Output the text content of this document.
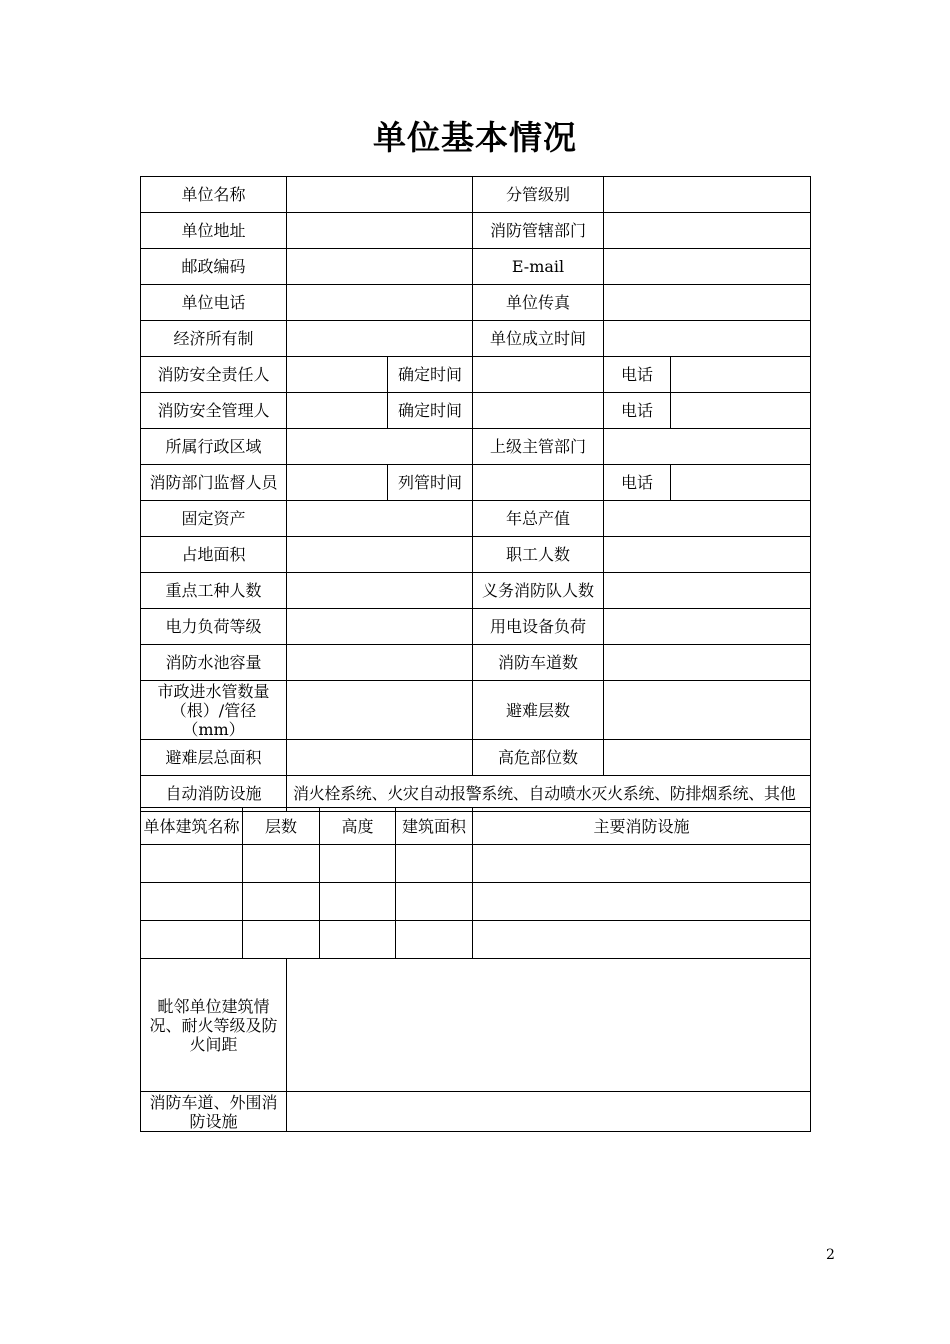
单位基本情况
单位名称			分管级别		
单位地址			消防管辖部门		
邮政编码			E-mail		
单位电话			单位传真		
经济所有制			单位成立时间		
消防安全责任人		确定时间		电话	
消防安全管理人		确定时间		电话	
所属行政区域			上级主管部门		
消防部门监督人员		列管时间		电话	
固定资产			年总产值		
占地面积			职工人数		
重点工种人数			义务消防队人数		
电力负荷等级			用电设备负荷		
消防水池容量			消防车道数		
市政进水管数量（根）/管径（mm）			避难层数		
避难层总面积			高危部位数		
自动消防设施	消火栓系统、火灾自动报警系统、自动喷水灭火系统、防排烟系统、其他				
单体建筑名称	层数	高度	建筑面积	主要消防设施

毗邻单位建筑情况、耐火等级及防火间距	
消防车道、外围消防设施	
2
